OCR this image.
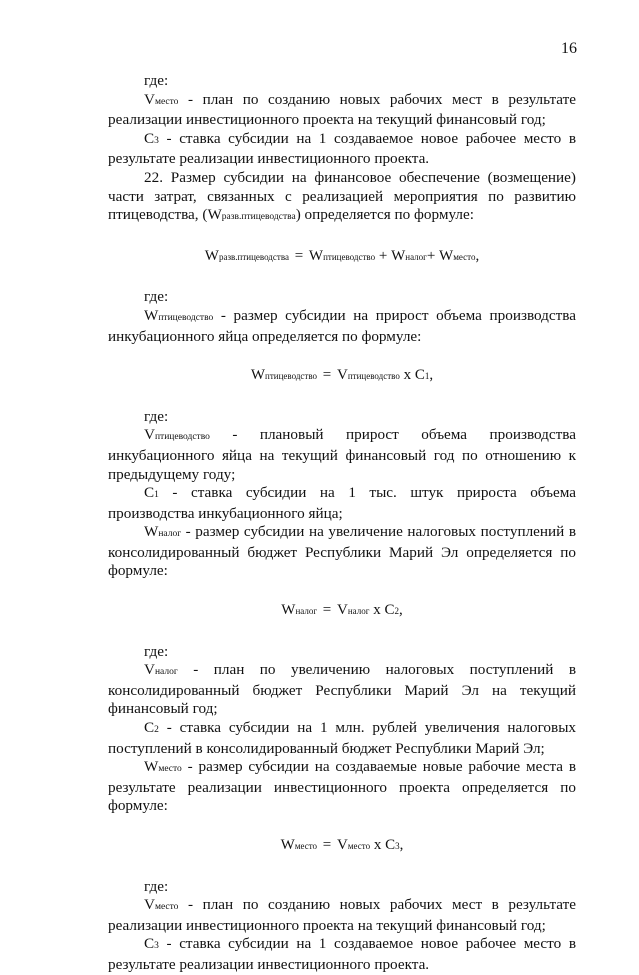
16

где:

Vместо - план по созданию новых рабочих мест в результате реализации инвестиционного проекта на текущий финансовый год;

C3 - ставка субсидии на 1 создаваемое новое рабочее место в результате реализации инвестиционного проекта.

22. Размер субсидии на финансовое обеспечение (возмещение) части затрат, связанных с реализацией мероприятия по развитию птицеводства, (Wразв.птицеводства) определяется по формуле:

Wразв.птицеводства = Wптицеводство + Wналог+ Wместо,

где:

Wптицеводство - размер субсидии на прирост объема производства инкубационного яйца определяется по формуле:

Wптицеводство = Vптицеводство x C1,

где:

Vптицеводство - плановый прирост объема производства инкубационного яйца на текущий финансовый год по отношению к предыдущему году;

C1 - ставка субсидии на 1 тыс. штук прироста объема производства инкубационного яйца;

Wналог - размер субсидии на увеличение налоговых поступлений в консолидированный бюджет Республики Марий Эл определяется по формуле:

Wналог = Vналог x C2,

где:

Vналог - план по увеличению налоговых поступлений в консолидированный бюджет Республики Марий Эл на текущий финансовый год;

C2 - ставка субсидии на 1 млн. рублей увеличения налоговых поступлений в консолидированный бюджет Республики Марий Эл;

Wместо - размер субсидии на создаваемые новые рабочие места в результате реализации инвестиционного проекта определяется по формуле:

Wместо = Vместо x C3,

где:

Vместо - план по созданию новых рабочих мест в результате реализации инвестиционного проекта на текущий финансовый год;

C3 - ставка субсидии на 1 создаваемое новое рабочее место в результате реализации инвестиционного проекта.
